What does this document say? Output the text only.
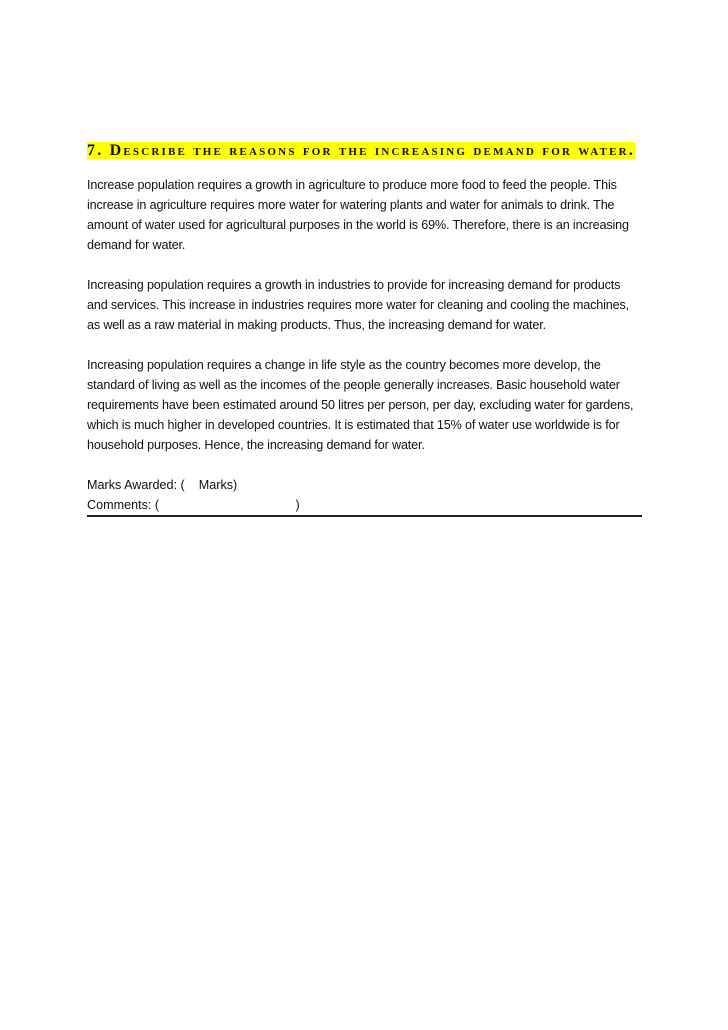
7. Describe the reasons for the increasing demand for water.

Increase population requires a growth in agriculture to produce more food to feed the people. This increase in agriculture requires more water for watering plants and water for animals to drink. The amount of water used for agricultural purposes in the world is 69%. Therefore, there is an increasing demand for water.

Increasing population requires a growth in industries to provide for increasing demand for products and services. This increase in industries requires more water for cleaning and cooling the machines, as well as a raw material in making products. Thus, the increasing demand for water.

Increasing population requires a change in life style as the country becomes more develop, the standard of living as well as the incomes of the people generally increases. Basic household water requirements have been estimated around 50 litres per person, per day, excluding water for gardens, which is much higher in developed countries. It is estimated that 15% of water use worldwide is for household purposes. Hence, the increasing demand for water.

Marks Awarded: (    Marks)
Comments: (                                       )
